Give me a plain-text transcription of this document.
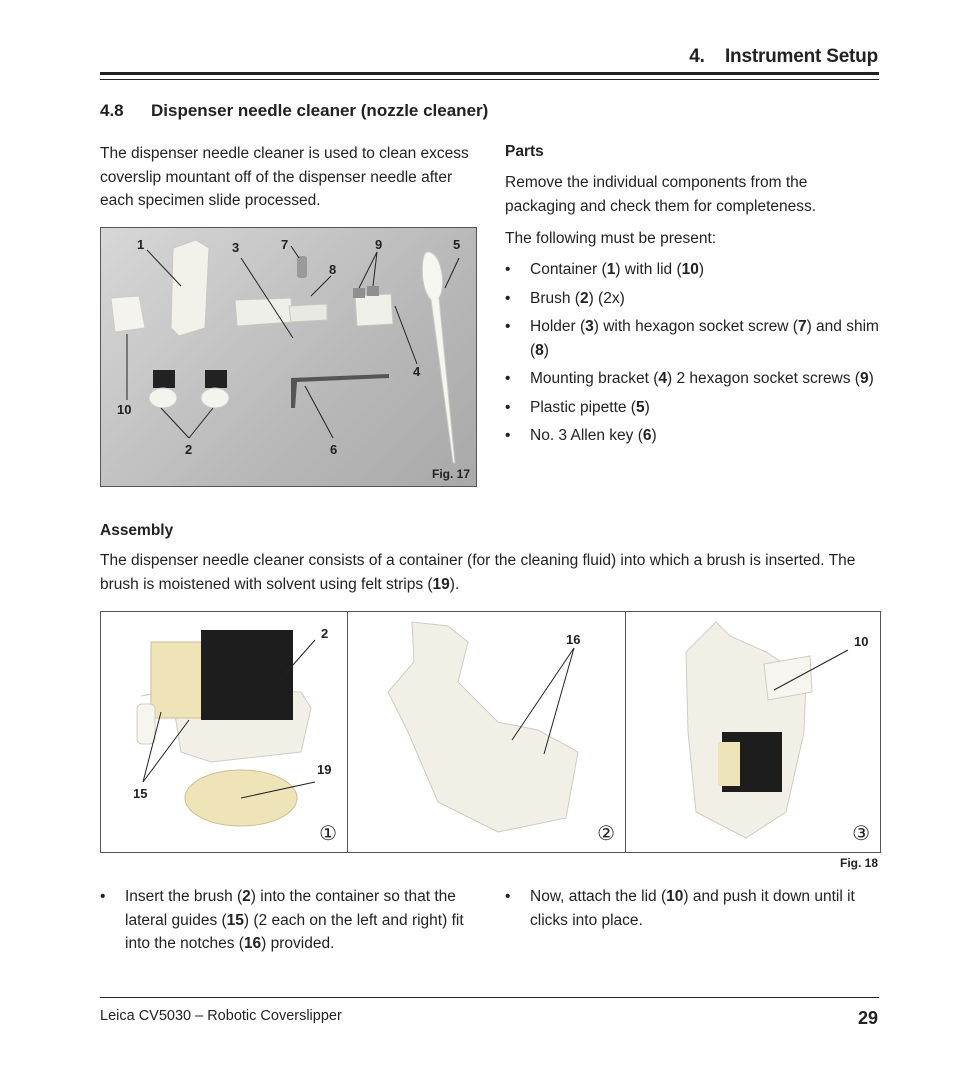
4.    Instrument Setup
4.8 Dispenser needle cleaner (nozzle cleaner)
The dispenser needle cleaner is used to clean excess coverslip mountant off of the dispenser needle after each specimen slide processed.
1	3	7
8
9	5
4
10
2	6
Fig. 17
Parts
Remove the individual components from the packaging and check them for completeness.
The following must be present:
• Container (1) with lid (10)
• Brush (2) (2x)
• Holder (3) with hexagon socket screw (7) and shim (8)
• Mounting bracket (4) 2 hexagon socket screws (9)
• Plastic pipette (5)
• No. 3 Allen key (6)
Assembly
The dispenser needle cleaner consists of a container (for the cleaning fluid) into which a brush is inserted. The brush is moistened with solvent using felt strips (19).
2
19
15
①
16
②
10
③
Fig. 18
• Insert the brush (2) into the container so that the lateral guides (15) (2 each on the left and right) fit into the notches (16) provided.
• Now, attach the lid (10) and push it down until it clicks into place.
Leica CV5030 – Robotic Coverslipper	29
